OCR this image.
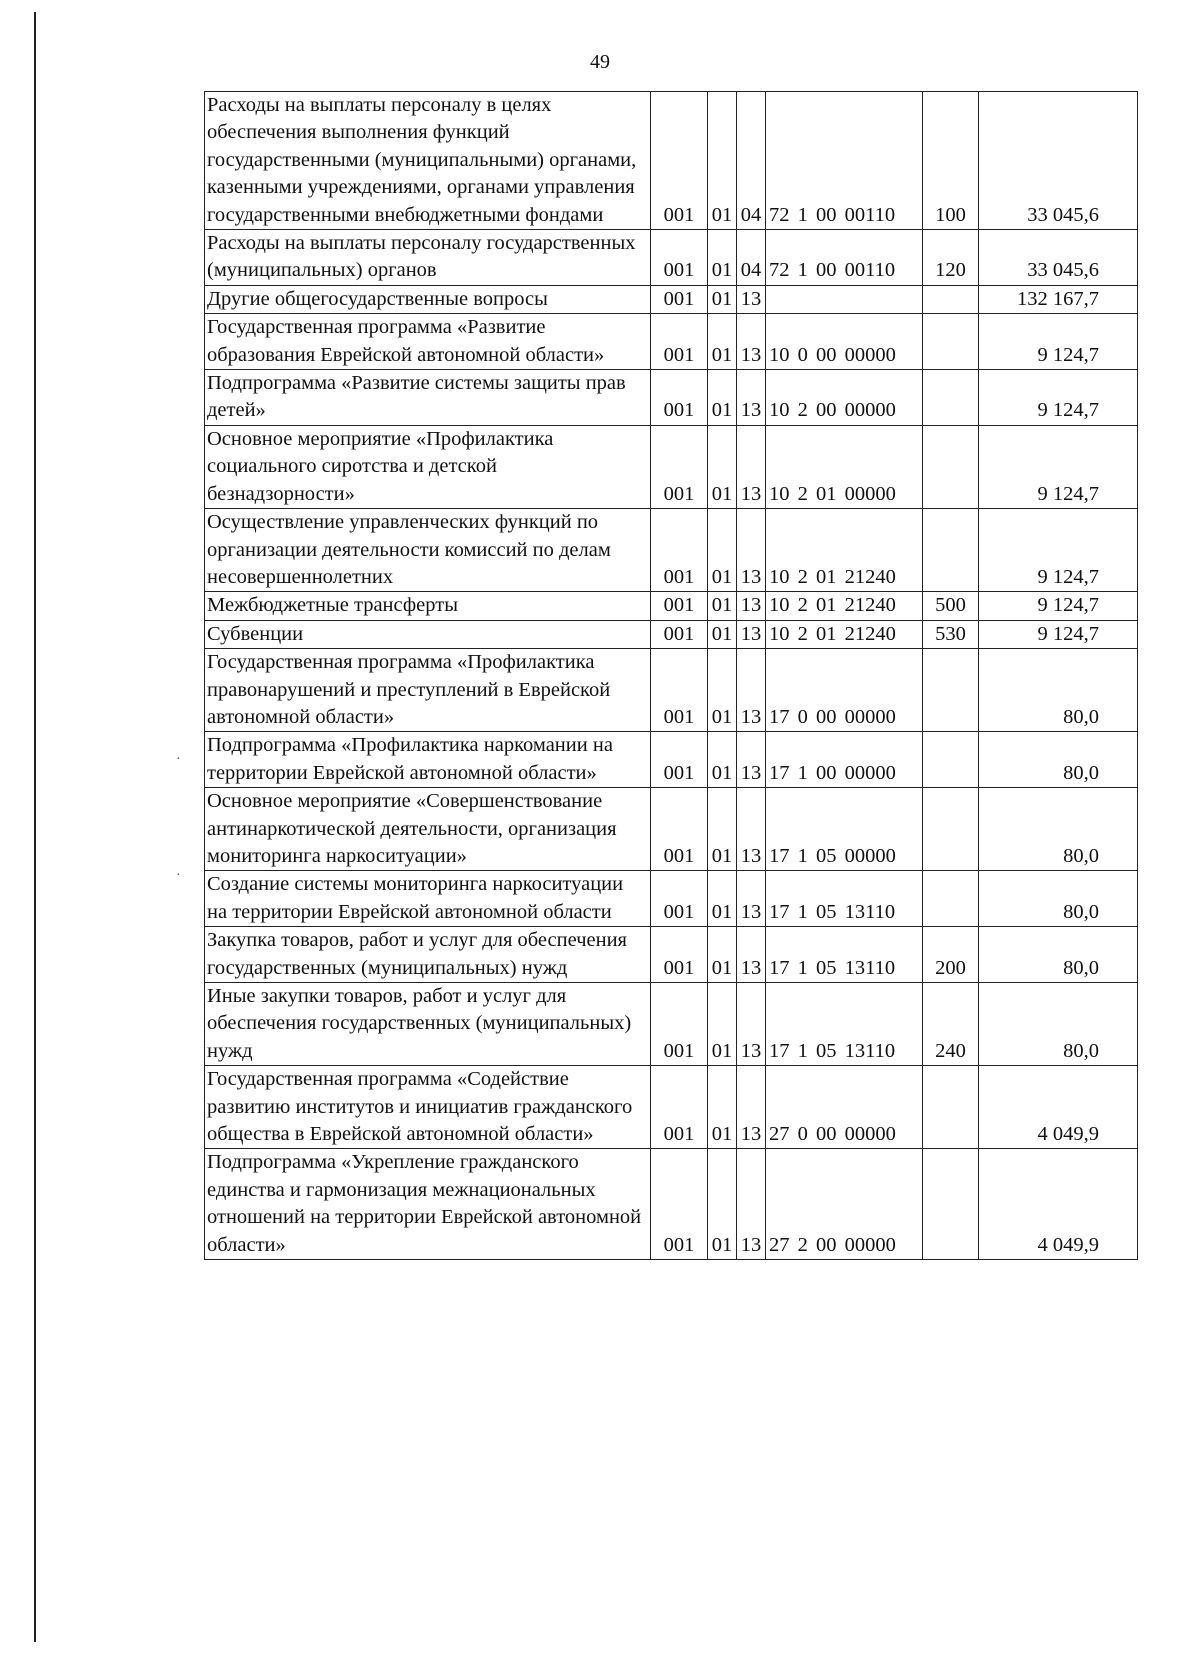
·
·
49
Расходы на выплаты персоналу в целях обеспечения выполнения функций государственными (муниципальными) органами, казенными учреждениями, органами управления государственными внебюджетными фондами	001	01	04	72 1 00 00110	100	33 045,6
Расходы на выплаты персоналу государственных (муниципальных) органов	001	01	04	72 1 00 00110	120	33 045,6
Другие общегосударственные вопросы	001	01	13			132 167,7
Государственная программа «Развитие образования Еврейской автономной области»	001	01	13	10 0 00 00000		9 124,7
Подпрограмма «Развитие системы защиты прав детей»	001	01	13	10 2 00 00000		9 124,7
Основное мероприятие «Профилактика социального сиротства и детской безнадзорности»	001	01	13	10 2 01 00000		9 124,7
Осуществление управленческих функций по организации деятельности комиссий по делам несовершеннолетних	001	01	13	10 2 01 21240		9 124,7
Межбюджетные трансферты	001	01	13	10 2 01 21240	500	9 124,7
Субвенции	001	01	13	10 2 01 21240	530	9 124,7
Государственная программа «Профилактика правонарушений и преступлений в Еврейской автономной области»	001	01	13	17 0 00 00000		80,0
Подпрограмма «Профилактика наркомании на территории Еврейской автономной области»	001	01	13	17 1 00 00000		80,0
Основное мероприятие «Совершенствование антинаркотической деятельности, организация мониторинга наркоситуации»	001	01	13	17 1 05 00000		80,0
Создание системы мониторинга наркоситуации на территории Еврейской автономной области	001	01	13	17 1 05 13110		80,0
Закупка товаров, работ и услуг для обеспечения государственных (муниципальных) нужд	001	01	13	17 1 05 13110	200	80,0
Иные закупки товаров, работ и услуг для обеспечения государственных (муниципальных) нужд	001	01	13	17 1 05 13110	240	80,0
Государственная программа «Содействие развитию институтов и инициатив гражданского общества в Еврейской автономной области»	001	01	13	27 0 00 00000		4 049,9
Подпрограмма «Укрепление гражданского единства и гармонизация межнациональных отношений на территории Еврейской автономной области»	001	01	13	27 2 00 00000		4 049,9
